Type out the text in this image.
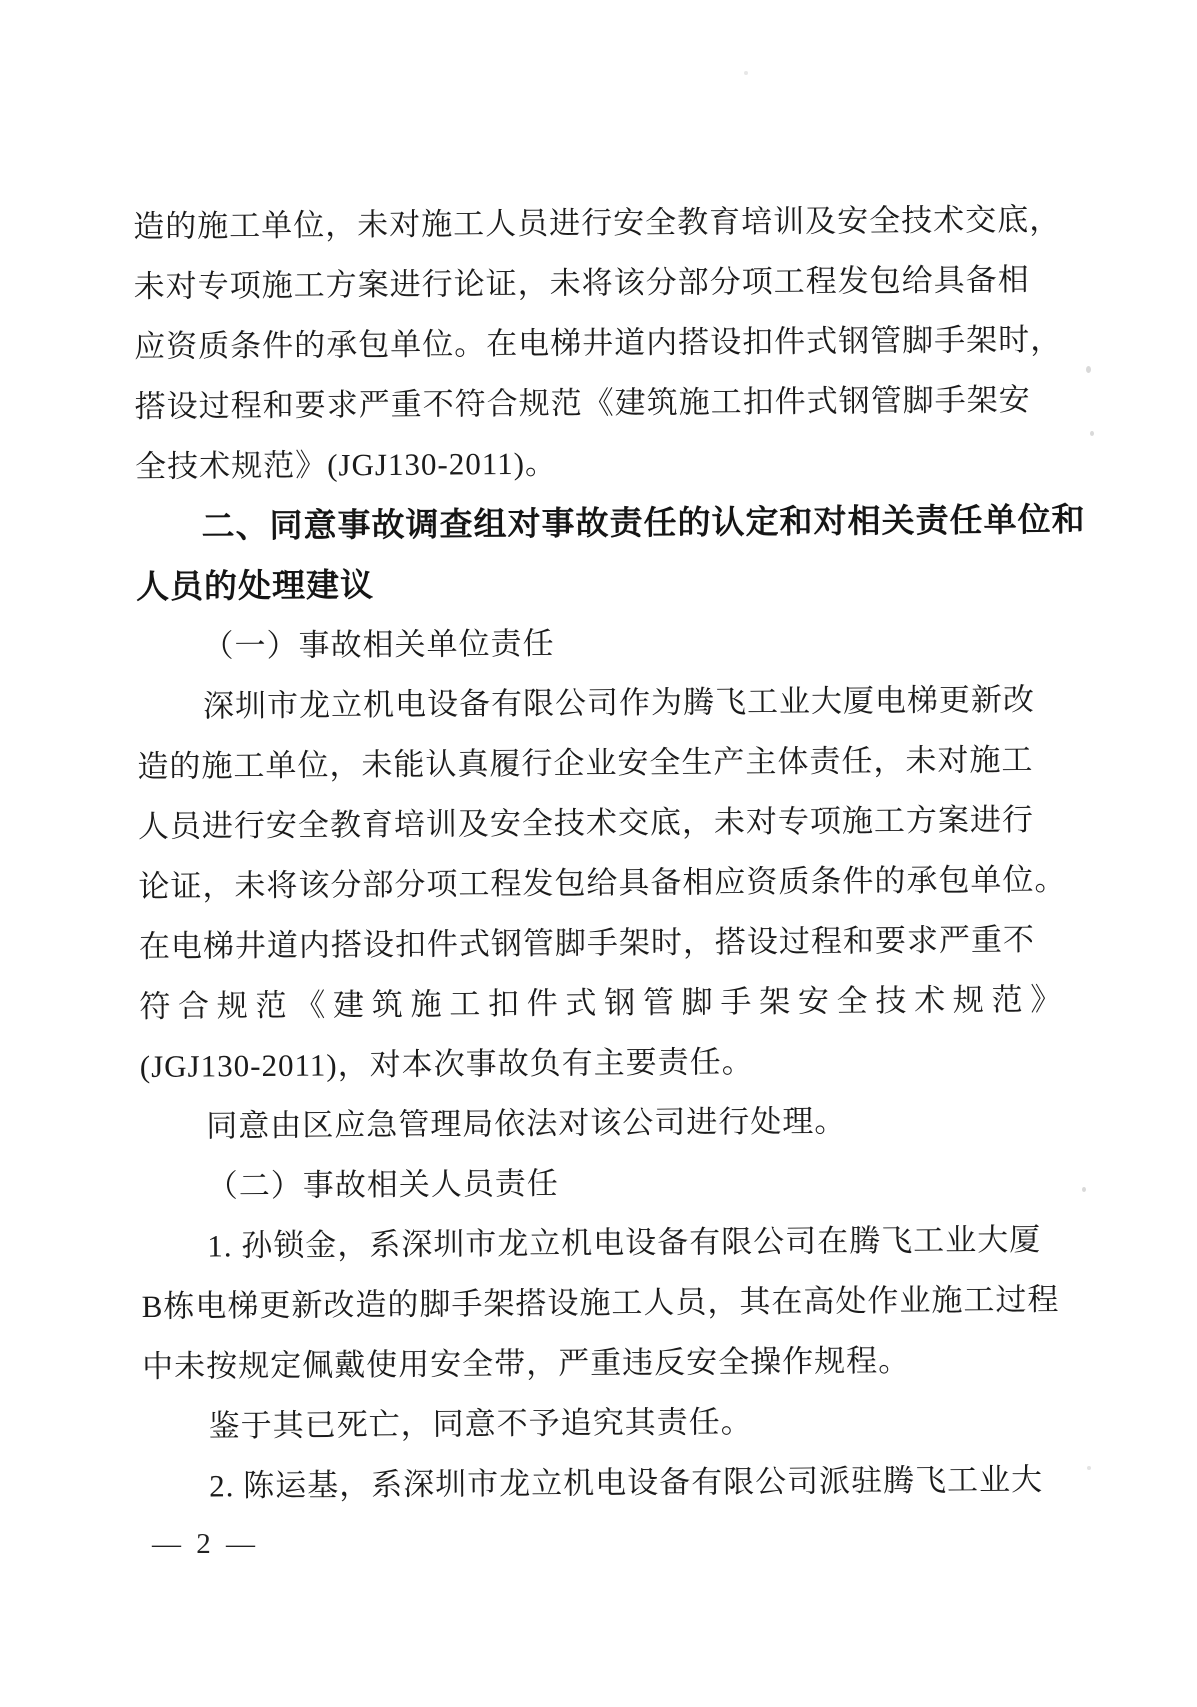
造的施工单位，未对施工人员进行安全教育培训及安全技术交底，
未对专项施工方案进行论证，未将该分部分项工程发包给具备相
应资质条件的承包单位。在电梯井道内搭设扣件式钢管脚手架时，
搭设过程和要求严重不符合规范《建筑施工扣件式钢管脚手架安
全技术规范》(JGJ130-2011)。
二、同意事故调查组对事故责任的认定和对相关责任单位和
人员的处理建议
（一）事故相关单位责任
深圳市龙立机电设备有限公司作为腾飞工业大厦电梯更新改
造的施工单位，未能认真履行企业安全生产主体责任，未对施工
人员进行安全教育培训及安全技术交底，未对专项施工方案进行
论证，未将该分部分项工程发包给具备相应资质条件的承包单位。
在电梯井道内搭设扣件式钢管脚手架时，搭设过程和要求严重不
符合规范《建筑施工扣件式钢管脚手架安全技术规范》
(JGJ130-2011)，对本次事故负有主要责任。
同意由区应急管理局依法对该公司进行处理。
（二）事故相关人员责任
1. 孙锁金，系深圳市龙立机电设备有限公司在腾飞工业大厦
B栋电梯更新改造的脚手架搭设施工人员，其在高处作业施工过程
中未按规定佩戴使用安全带，严重违反安全操作规程。
鉴于其已死亡，同意不予追究其责任。
2. 陈运基，系深圳市龙立机电设备有限公司派驻腾飞工业大
— 2 —
